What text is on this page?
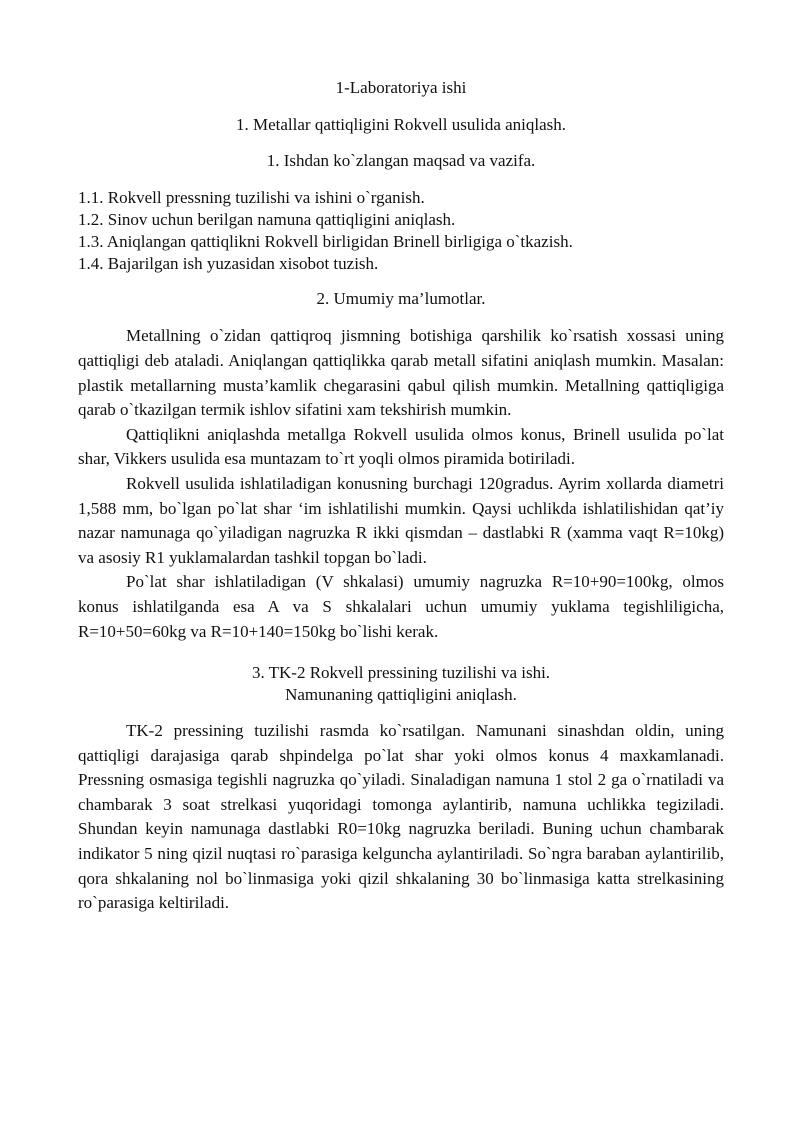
1-Laboratoriya ishi

1. Metallar qattiqligini Rokvell usulida aniqlash.

1. Ishdan ko`zlangan maqsad va vazifa.

1.1. Rokvell pressning tuzilishi va ishini o`rganish.
1.2. Sinov uchun berilgan namuna qattiqligini aniqlash.
1.3. Aniqlangan qattiqlikni Rokvell birligidan Brinell birligiga o`tkazish.
1.4. Bajarilgan ish yuzasidan xisobot tuzish.

2. Umumiy ma’lumotlar.

Metallning o`zidan qattiqroq jismning botishiga qarshilik ko`rsatish xossasi uning qattiqligi deb ataladi. Aniqlangan qattiqlikka qarab metall sifatini aniqlash mumkin. Masalan: plastik metallarning musta’kamlik chegarasini qabul qilish mumkin. Metallning qattiqligiga qarab o`tkazilgan termik ishlov sifatini xam tekshirish mumkin.

Qattiqlikni aniqlashda metallga Rokvell usulida olmos konus, Brinell usulida po`lat shar, Vikkers usulida esa muntazam to`rt yoqli olmos piramida botiriladi.

Rokvell usulida ishlatiladigan konusning burchagi 120gradus. Ayrim xollarda diametri 1,588 mm, bo`lgan po`lat shar ‘im ishlatilishi mumkin. Qaysi uchlikda ishlatilishidan qat’iy nazar namunaga qo`yiladigan nagruzka R ikki qismdan – dastlabki R (xamma vaqt R=10kg) va asosiy R1 yuklamalardan tashkil topgan bo`ladi.

Po`lat shar ishlatiladigan (V shkalasi) umumiy nagruzka R=10+90=100kg, olmos konus ishlatilganda esa A va S shkalalari uchun umumiy yuklama tegishliligicha, R=10+50=60kg va R=10+140=150kg bo`lishi kerak.

3. TK-2 Rokvell pressining tuzilishi va ishi.
Namunaning qattiqligini aniqlash.

TK-2 pressining tuzilishi rasmda ko`rsatilgan. Namunani sinashdan oldin, uning qattiqligi darajasiga qarab shpindelga po`lat shar yoki olmos konus 4 maxkamlanadi. Pressning osmasiga tegishli nagruzka qo`yiladi. Sinaladigan namuna 1 stol 2 ga o`rnatiladi va chambarak 3 soat strelkasi yuqoridagi tomonga aylantirib, namuna uchlikka tegiziladi. Shundan keyin namunaga dastlabki R0=10kg nagruzka beriladi. Buning uchun chambarak indikator 5 ning qizil nuqtasi ro`parasiga kelguncha aylantiriladi. So`ngra baraban aylantirilib, qora shkalaning nol bo`linmasiga yoki qizil shkalaning 30 bo`linmasiga katta strelkasining ro`parasiga keltiriladi.
